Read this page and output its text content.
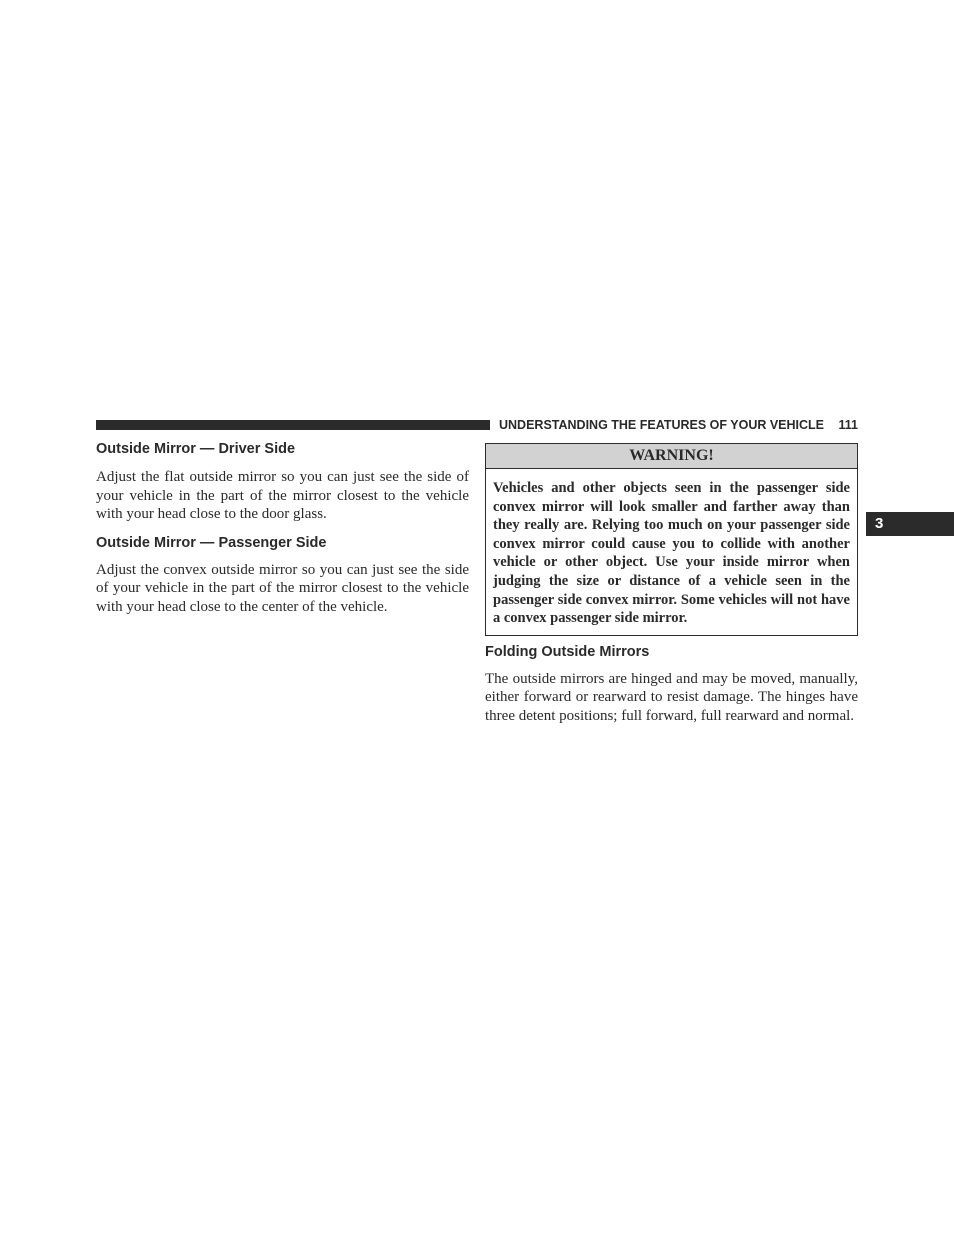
UNDERSTANDING THE FEATURES OF YOUR VEHICLE 111
3
Outside Mirror — Driver Side

Adjust the flat outside mirror so you can just see the side of your vehicle in the part of the mirror closest to the vehicle with your head close to the door glass.

Outside Mirror — Passenger Side

Adjust the convex outside mirror so you can just see the side of your vehicle in the part of the mirror closest to the vehicle with your head close to the center of the vehicle.

WARNING!
Vehicles and other objects seen in the passenger side convex mirror will look smaller and farther away than they really are. Relying too much on your passenger side convex mirror could cause you to collide with another vehicle or other object. Use your inside mirror when judging the size or distance of a vehicle seen in the passenger side convex mirror. Some vehicles will not have a convex passenger side mirror.
Folding Outside Mirrors

The outside mirrors are hinged and may be moved, manually, either forward or rearward to resist damage. The hinges have three detent positions; full forward, full rearward and normal.
